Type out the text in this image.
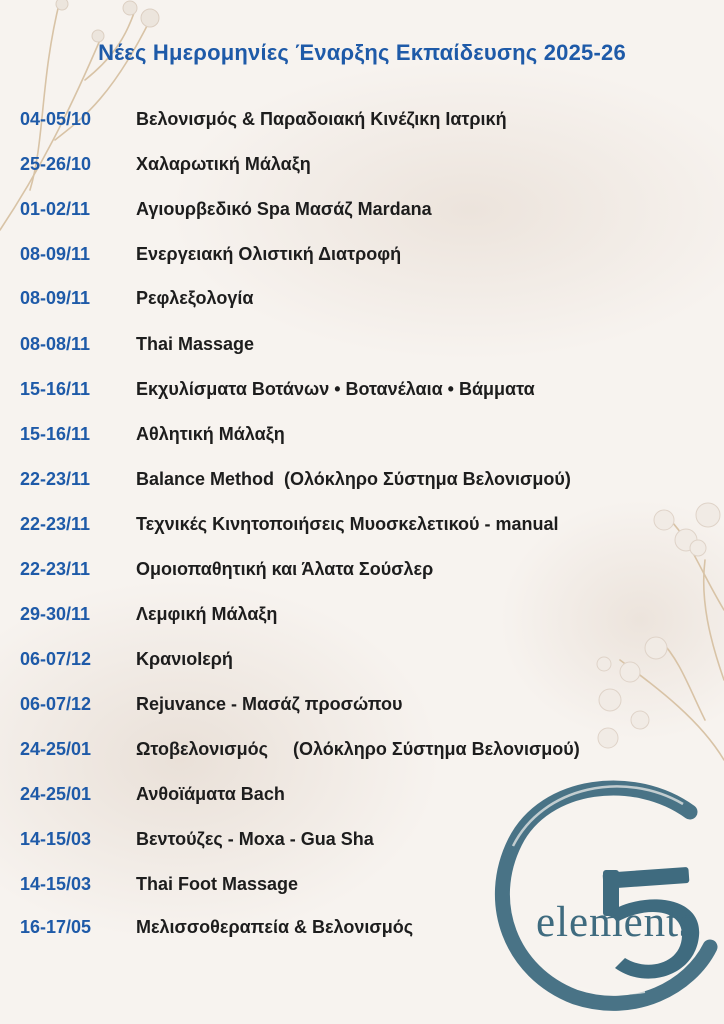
Νέες Ημερομηνίες Έναρξης Εκπαίδευσης 2025-26
04-05/10 Βελονισμός & Παραδοιακή Κινέζικη Ιατρική
25-26/10 Χαλαρωτική Μάλαξη
01-02/11	Αγιουρβεδικό Spa Μασάζ Mardana
08-09/11	Ενεργειακή Ολιστική Διατροφή
08-09/11	Ρεφλεξολογία
08-08/11	Thai Massage
15-16/11	Εκχυλίσματα Βοτάνων • Βοτανέλαια • Βάμματα
15-16/11	Αθλητική Μάλαξη
22-23/11	Balance Method  (Ολόκληρο Σύστημα Βελονισμού)
22-23/11	Τεχνικές Κινητοποιήσεις Μυοσκελετικού - manual
22-23/11	Ομοιοπαθητική και Άλατα Σούσλερ
29-30/11	Λεμφική Μάλαξη
06-07/12 ΚρανιοΙερή
06-07/12 Rejuvance - Μασάζ προσώπου
24-25/01 Ωτοβελονισμός     (Ολόκληρο Σύστημα Βελονισμού)
24-25/01 Ανθοϊάματα Bach
14-15/03 Βεντούζες - Moxa - Gua Sha
14-15/03 Thai Foot Massage
16-17/05 Μελισσοθεραπεία & Βελονισμός	elements
